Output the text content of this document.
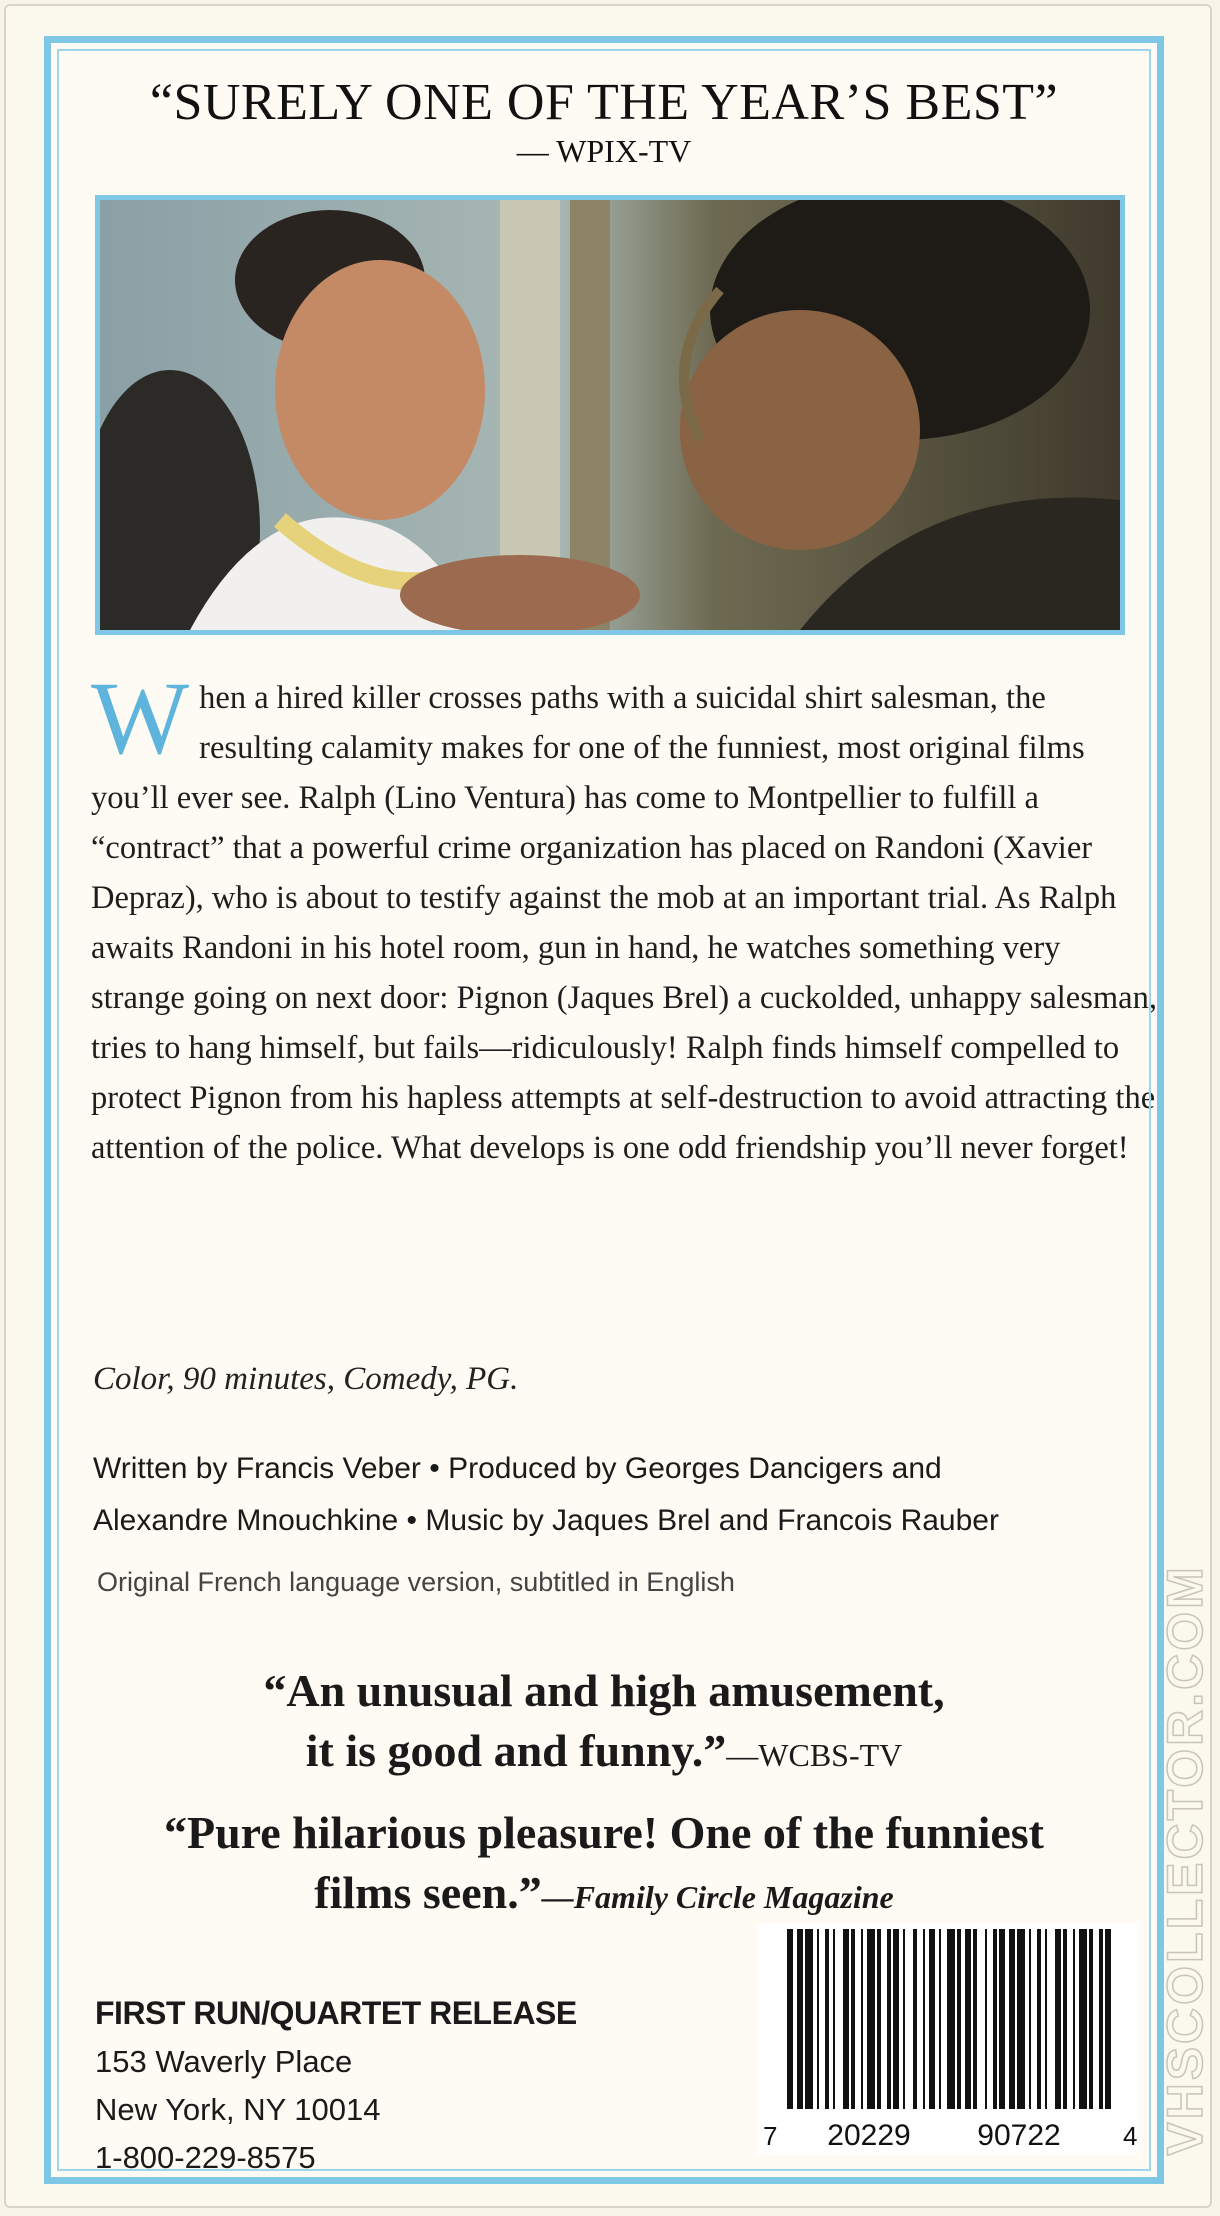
“SURELY ONE OF THE YEAR’S BEST”
— WPIX-TV
When a hired killer crosses paths with a suicidal shirt salesman, the resulting calamity makes for one of the funniest, most original films you’ll ever see. Ralph (Lino Ventura) has come to Montpellier to fulfill a “contract” that a powerful crime organization has placed on Randoni (Xavier Depraz), who is about to testify against the mob at an important trial. As Ralph awaits Randoni in his hotel room, gun in hand, he watches something very strange going on next door: Pignon (Jaques Brel) a cuckolded, unhappy salesman, tries to hang himself, but fails—ridiculously! Ralph finds himself compelled to protect Pignon from his hapless attempts at self-destruction to avoid attracting the attention of the police. What develops is one odd friendship you’ll never forget!
Color, 90 minutes, Comedy, PG.
Written by Francis Veber • Produced by Georges Dancigers and
Alexandre Mnouchkine • Music by Jaques Brel and Francois Rauber
Original French language version, subtitled in English
“An unusual and high amusement,
it is good and funny.”—WCBS-TV
“Pure hilarious pleasure! One of the funniest
films seen.”—Family Circle Magazine
FIRST RUN/QUARTET RELEASE
153 Waverly Place
New York, NY 10014
1-800-229-8575
7 20229 90722 4 VHSCOLLECTOR.COM
